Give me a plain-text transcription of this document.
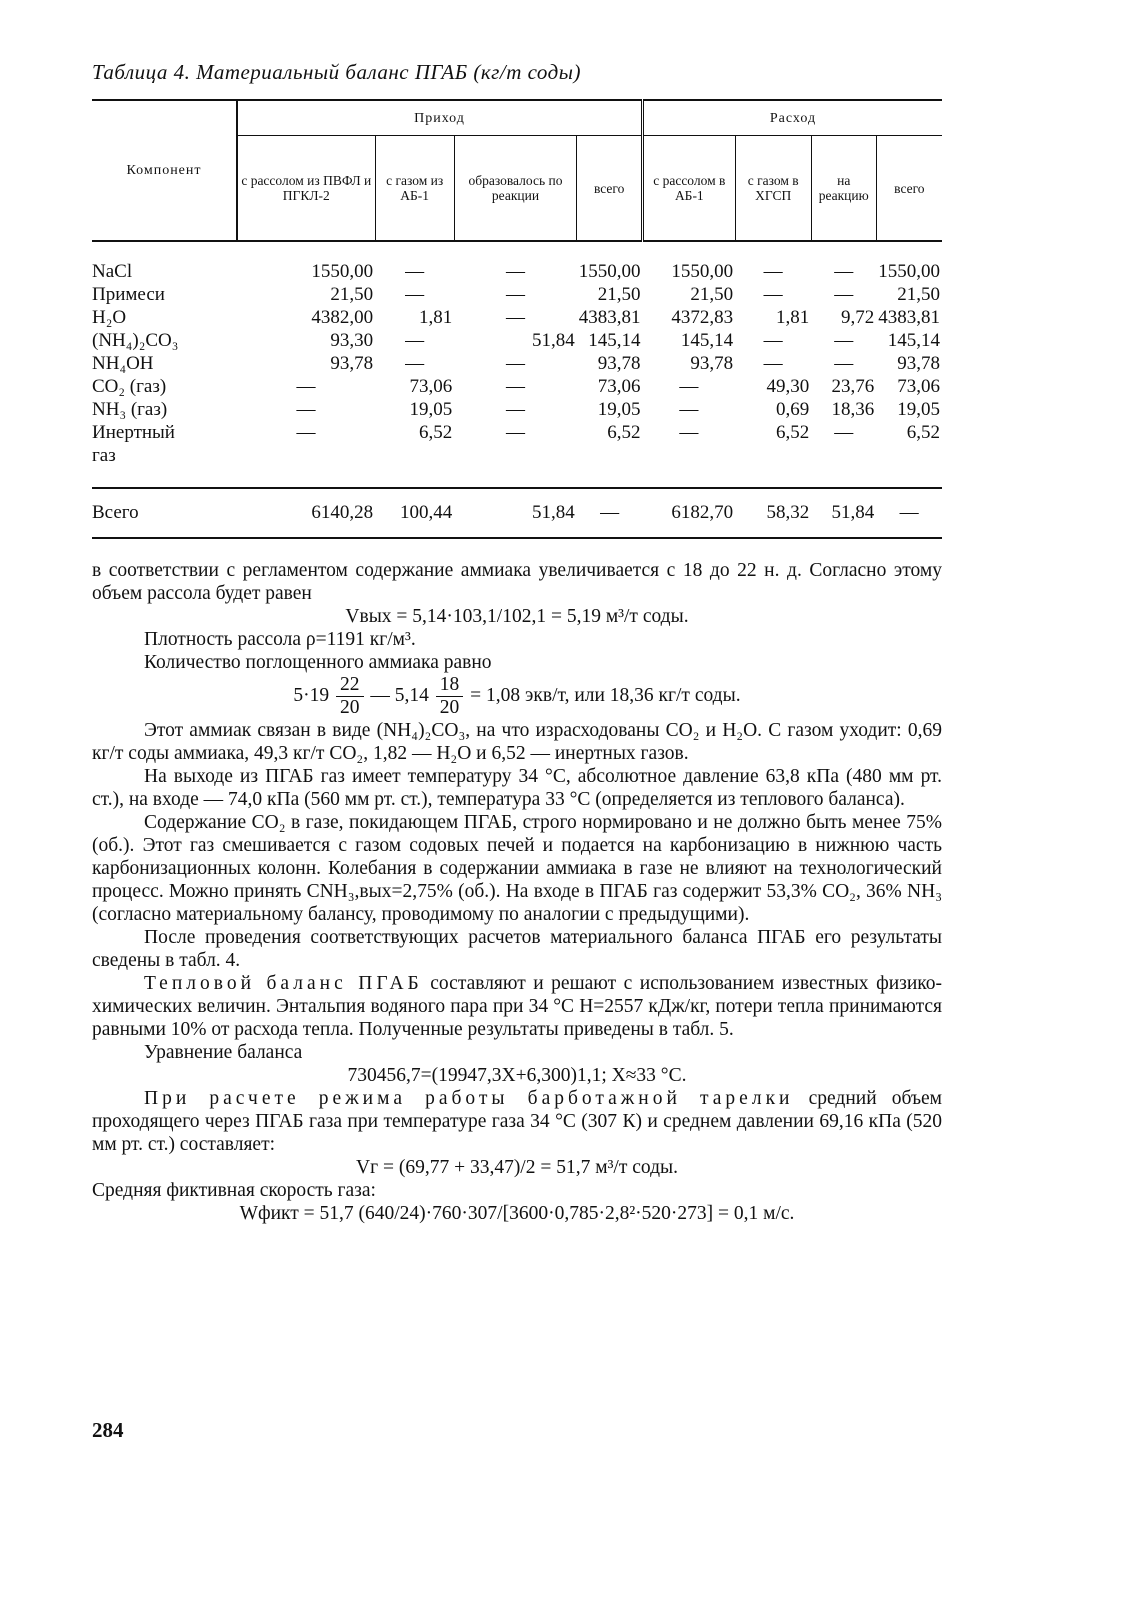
Таблица 4. Материальный баланс ПГАБ (кг/т соды)

Компонент	Приход				Расход			
	с рассолом из ПВФЛ и ПГКЛ-2	с газом из АБ-1	образовалось по реакции	всего	с рассолом в АБ-1	с газом в ХГСП	на реакцию	всего

NaCl	1550,00	—	—	1550,00	1550,00	—	—	1550,00
Примеси	21,50	—	—	21,50	21,50	—	—	21,50
H₂O	4382,00	1,81	—	4383,81	4372,83	1,81	9,72	4383,81
(NH₄)₂CO₃	93,30	—	51,84	145,14	145,14	—	—	145,14
NH₄OH	93,78	—	—	93,78	93,78	—	—	93,78
CO₂ (газ)	—	73,06	—	73,06	—	49,30	23,76	73,06
NH₃ (газ)	—	19,05	—	19,05	—	0,69	18,36	19,05
Инертный	—	6,52	—	6,52	—	6,52	—	6,52
газ								

Всего	6140,28	100,44	51,84	—	6182,70	58,32	51,84	—

в соответствии с регламентом содержание аммиака увеличивается с 18 до 22 н. д. Согласно этому объем рассола будет равен

Vвых = 5,14·103,1/102,1 = 5,19 м³/т соды.

Плотность рассола ρ=1191 кг/м³.

Количество поглощенного аммиака равно

$5\cdot 19 \frac{22}{20}$ — $5,14 \frac{18}{20} = 1,08$ экв/т, или 18,36 кг/т соды.

Этот аммиак связан в виде (NH₄)₂CO₃, на что израсходованы CO₂ и H₂O. С газом уходит: 0,69 кг/т соды аммиака, 49,3 кг/т CO₂, 1,82 — H₂O и 6,52 — инертных газов.

На выходе из ПГАБ газ имеет температуру 34 °С, абсолютное давление 63,8 кПа (480 мм рт. ст.), на входе — 74,0 кПа (560 мм рт. ст.), температура 33 °С (определяется из теплового баланса).

Содержание CO₂ в газе, покидающем ПГАБ, строго нормировано и не должно быть менее 75% (об.). Этот газ смешивается с газом содовых печей и подается на карбонизацию в нижнюю часть карбонизационных колонн. Колебания в содержании аммиака в газе не влияют на технологический процесс. Можно принять CNH₃,вых=2,75% (об.). На входе в ПГАБ газ содержит 53,3% CO₂, 36% NH₃ (согласно материальному балансу, проводимому по аналогии с предыдущими).

После проведения соответствующих расчетов материального баланса ПГАБ его результаты сведены в табл. 4.

Тепловой баланс ПГАБ составляют и решают с использованием известных физико-химических величин. Энтальпия водяного пара при 34 °С H=2557 кДж/кг, потери тепла принимаются равными 10% от расхода тепла. Полученные результаты приведены в табл. 5.

Уравнение баланса

730456,7=(19947,3X+6,300)1,1; X≈33 °С.

При расчете режима работы барботажной тарелки средний объем проходящего через ПГАБ газа при температуре газа 34 °С (307 К) и среднем давлении 69,16 кПа (520 мм рт. ст.) составляет:

Vг = (69,77 + 33,47)/2 = 51,7 м³/т соды.

Средняя фиктивная скорость газа:

Wфикт = 51,7 (640/24)·760·307/[3600·0,785·2,8²·520·273] = 0,1 м/с.

284
